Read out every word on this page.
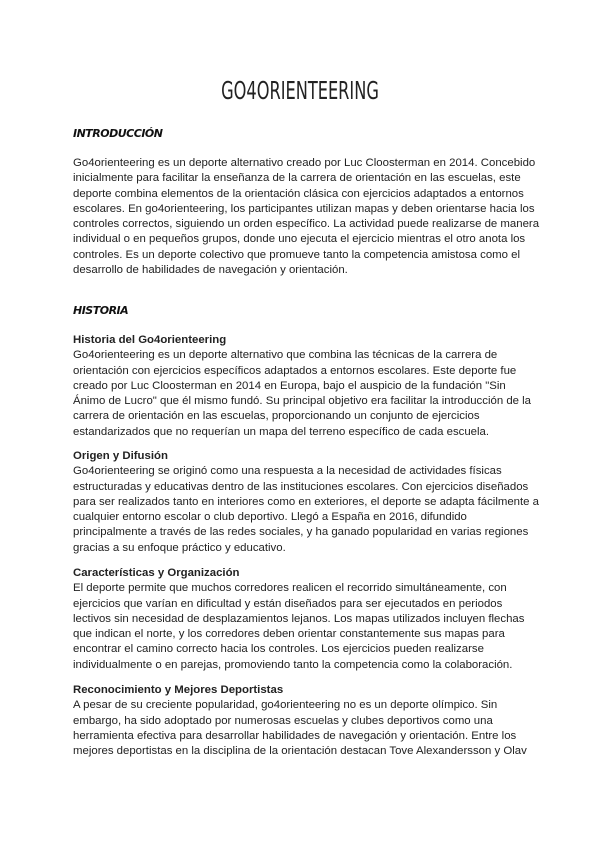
GO4ORIENTEERING
INTRODUCCIÓN
Go4orienteering es un deporte alternativo creado por Luc Cloosterman en 2014. Concebido
inicialmente para facilitar la enseñanza de la carrera de orientación en las escuelas, este
deporte combina elementos de la orientación clásica con ejercicios adaptados a entornos
escolares. En go4orienteering, los participantes utilizan mapas y deben orientarse hacia los
controles correctos, siguiendo un orden específico. La actividad puede realizarse de manera
individual o en pequeños grupos, donde uno ejecuta el ejercicio mientras el otro anota los
controles. Es un deporte colectivo que promueve tanto la competencia amistosa como el
desarrollo de habilidades de navegación y orientación.
HISTORIA
Historia del Go4orienteering
Go4orienteering es un deporte alternativo que combina las técnicas de la carrera de
orientación con ejercicios específicos adaptados a entornos escolares. Este deporte fue
creado por Luc Cloosterman en 2014 en Europa, bajo el auspicio de la fundación "Sin
Ánimo de Lucro" que él mismo fundó. Su principal objetivo era facilitar la introducción de la
carrera de orientación en las escuelas, proporcionando un conjunto de ejercicios
estandarizados que no requerían un mapa del terreno específico de cada escuela.
Origen y Difusión
Go4orienteering se originó como una respuesta a la necesidad de actividades físicas
estructuradas y educativas dentro de las instituciones escolares. Con ejercicios diseñados
para ser realizados tanto en interiores como en exteriores, el deporte se adapta fácilmente a
cualquier entorno escolar o club deportivo. Llegó a España en 2016, difundido
principalmente a través de las redes sociales, y ha ganado popularidad en varias regiones
gracias a su enfoque práctico y educativo.
Características y Organización
El deporte permite que muchos corredores realicen el recorrido simultáneamente, con
ejercicios que varían en dificultad y están diseñados para ser ejecutados en periodos
lectivos sin necesidad de desplazamientos lejanos. Los mapas utilizados incluyen flechas
que indican el norte, y los corredores deben orientar constantemente sus mapas para
encontrar el camino correcto hacia los controles. Los ejercicios pueden realizarse
individualmente o en parejas, promoviendo tanto la competencia como la colaboración.
Reconocimiento y Mejores Deportistas
A pesar de su creciente popularidad, go4orienteering no es un deporte olímpico. Sin
embargo, ha sido adoptado por numerosas escuelas y clubes deportivos como una
herramienta efectiva para desarrollar habilidades de navegación y orientación. Entre los
mejores deportistas en la disciplina de la orientación destacan Tove Alexandersson y Olav
